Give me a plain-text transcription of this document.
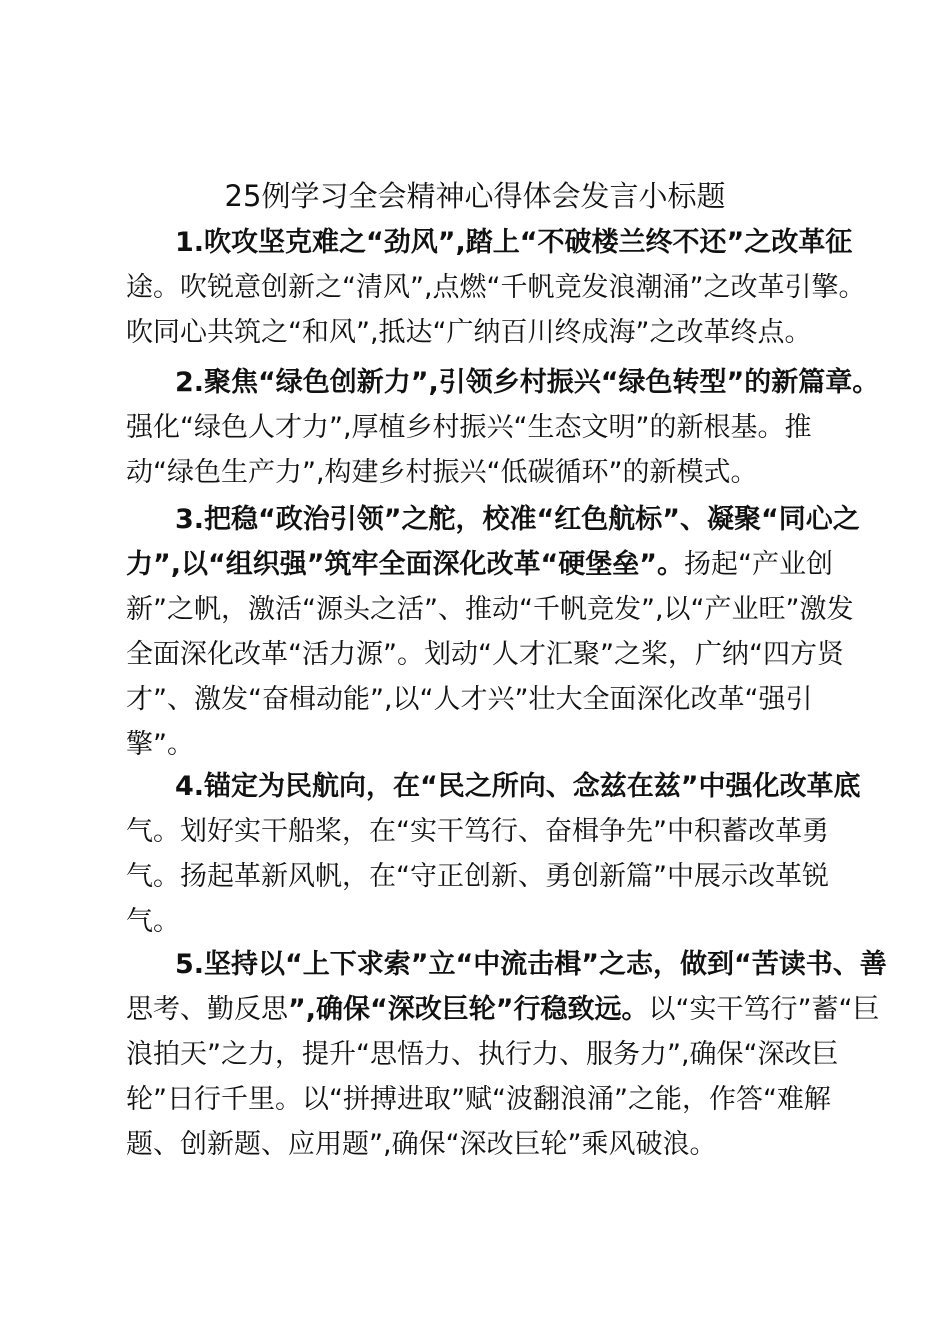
25例学习全会精神心得体会发言小标题
1.吹攻坚克难之“劲风”,踏上“不破楼兰终不还”之改革征
途。吹锐意创新之“清风”,点燃“千帆竞发浪潮涌”之改革引擎。
吹同心共筑之“和风”,抵达“广纳百川终成海”之改革终点。
2.聚焦“绿色创新力”,引领乡村振兴“绿色转型”的新篇章。
强化“绿色人才力”,厚植乡村振兴“生态文明”的新根基。推
动“绿色生产力”,构建乡村振兴“低碳循环”的新模式。
3.把稳“政治引领”之舵，校准“红色航标”、凝聚“同心之
力”,以“组织强”筑牢全面深化改革“硬堡垒”。扬起“产业创
新”之帆，激活“源头之活”、推动“千帆竞发”,以“产业旺”激发
全面深化改革“活力源”。划动“人才汇聚”之桨，广纳“四方贤
才”、激发“奋楫动能”,以“人才兴”壮大全面深化改革“强引
擎”。
4.锚定为民航向，在“民之所向、念兹在兹”中强化改革底
气。划好实干船桨，在“实干笃行、奋楫争先”中积蓄改革勇
气。扬起革新风帆，在“守正创新、勇创新篇”中展示改革锐
气。
5.坚持以“上下求索”立“中流击楫”之志，做到“苦读书、善
思考、勤反思”,确保“深改巨轮”行稳致远。以“实干笃行”蓄“巨
浪拍天”之力，提升“思悟力、执行力、服务力”,确保“深改巨
轮”日行千里。以“拼搏进取”赋“波翻浪涌”之能，作答“难解
题、创新题、应用题”,确保“深改巨轮”乘风破浪。
